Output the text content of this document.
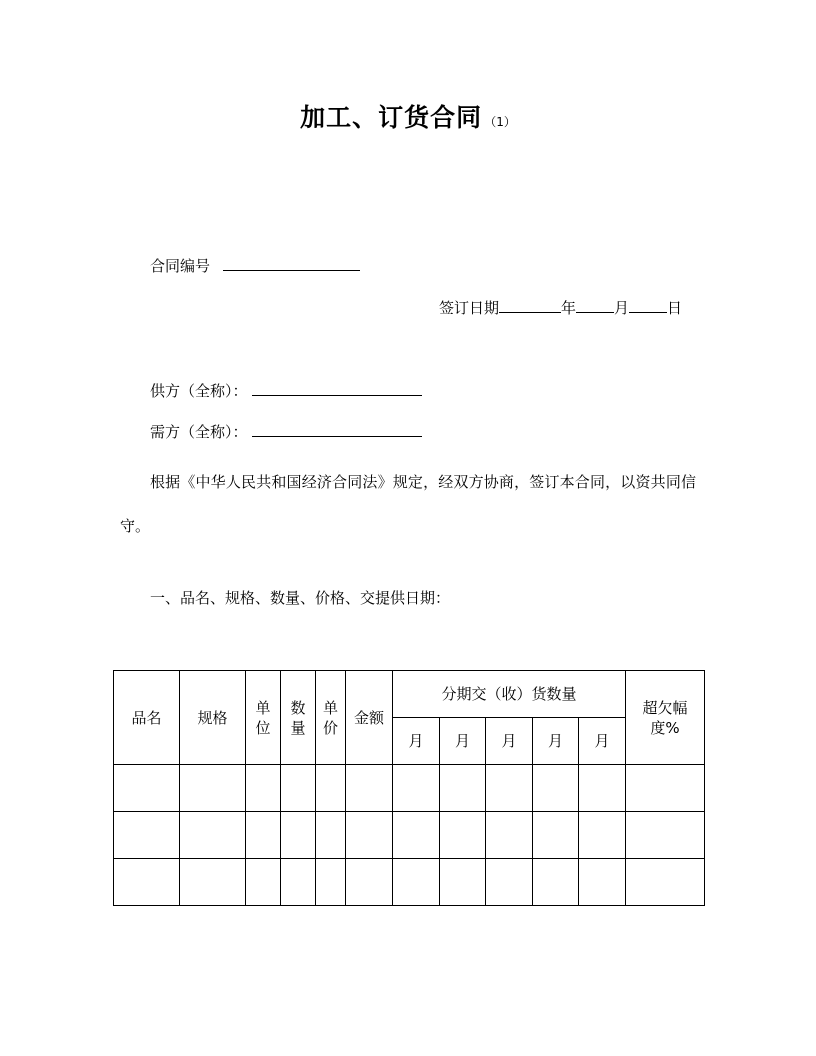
加工、订货合同 （1）
合同编号
签订日期	年	月	日
供方（全称）：
需方（全称）：
根据《中华人民共和国经济合同法》规定，经双方协商，签订本合同，以资共同信守。
一、品名、规格、数量、价格、交提供日期：
品名	规格	单位	数量	单价	金额	分期交（收）货数量					超欠幅度%
						月	月	月	月	月	
